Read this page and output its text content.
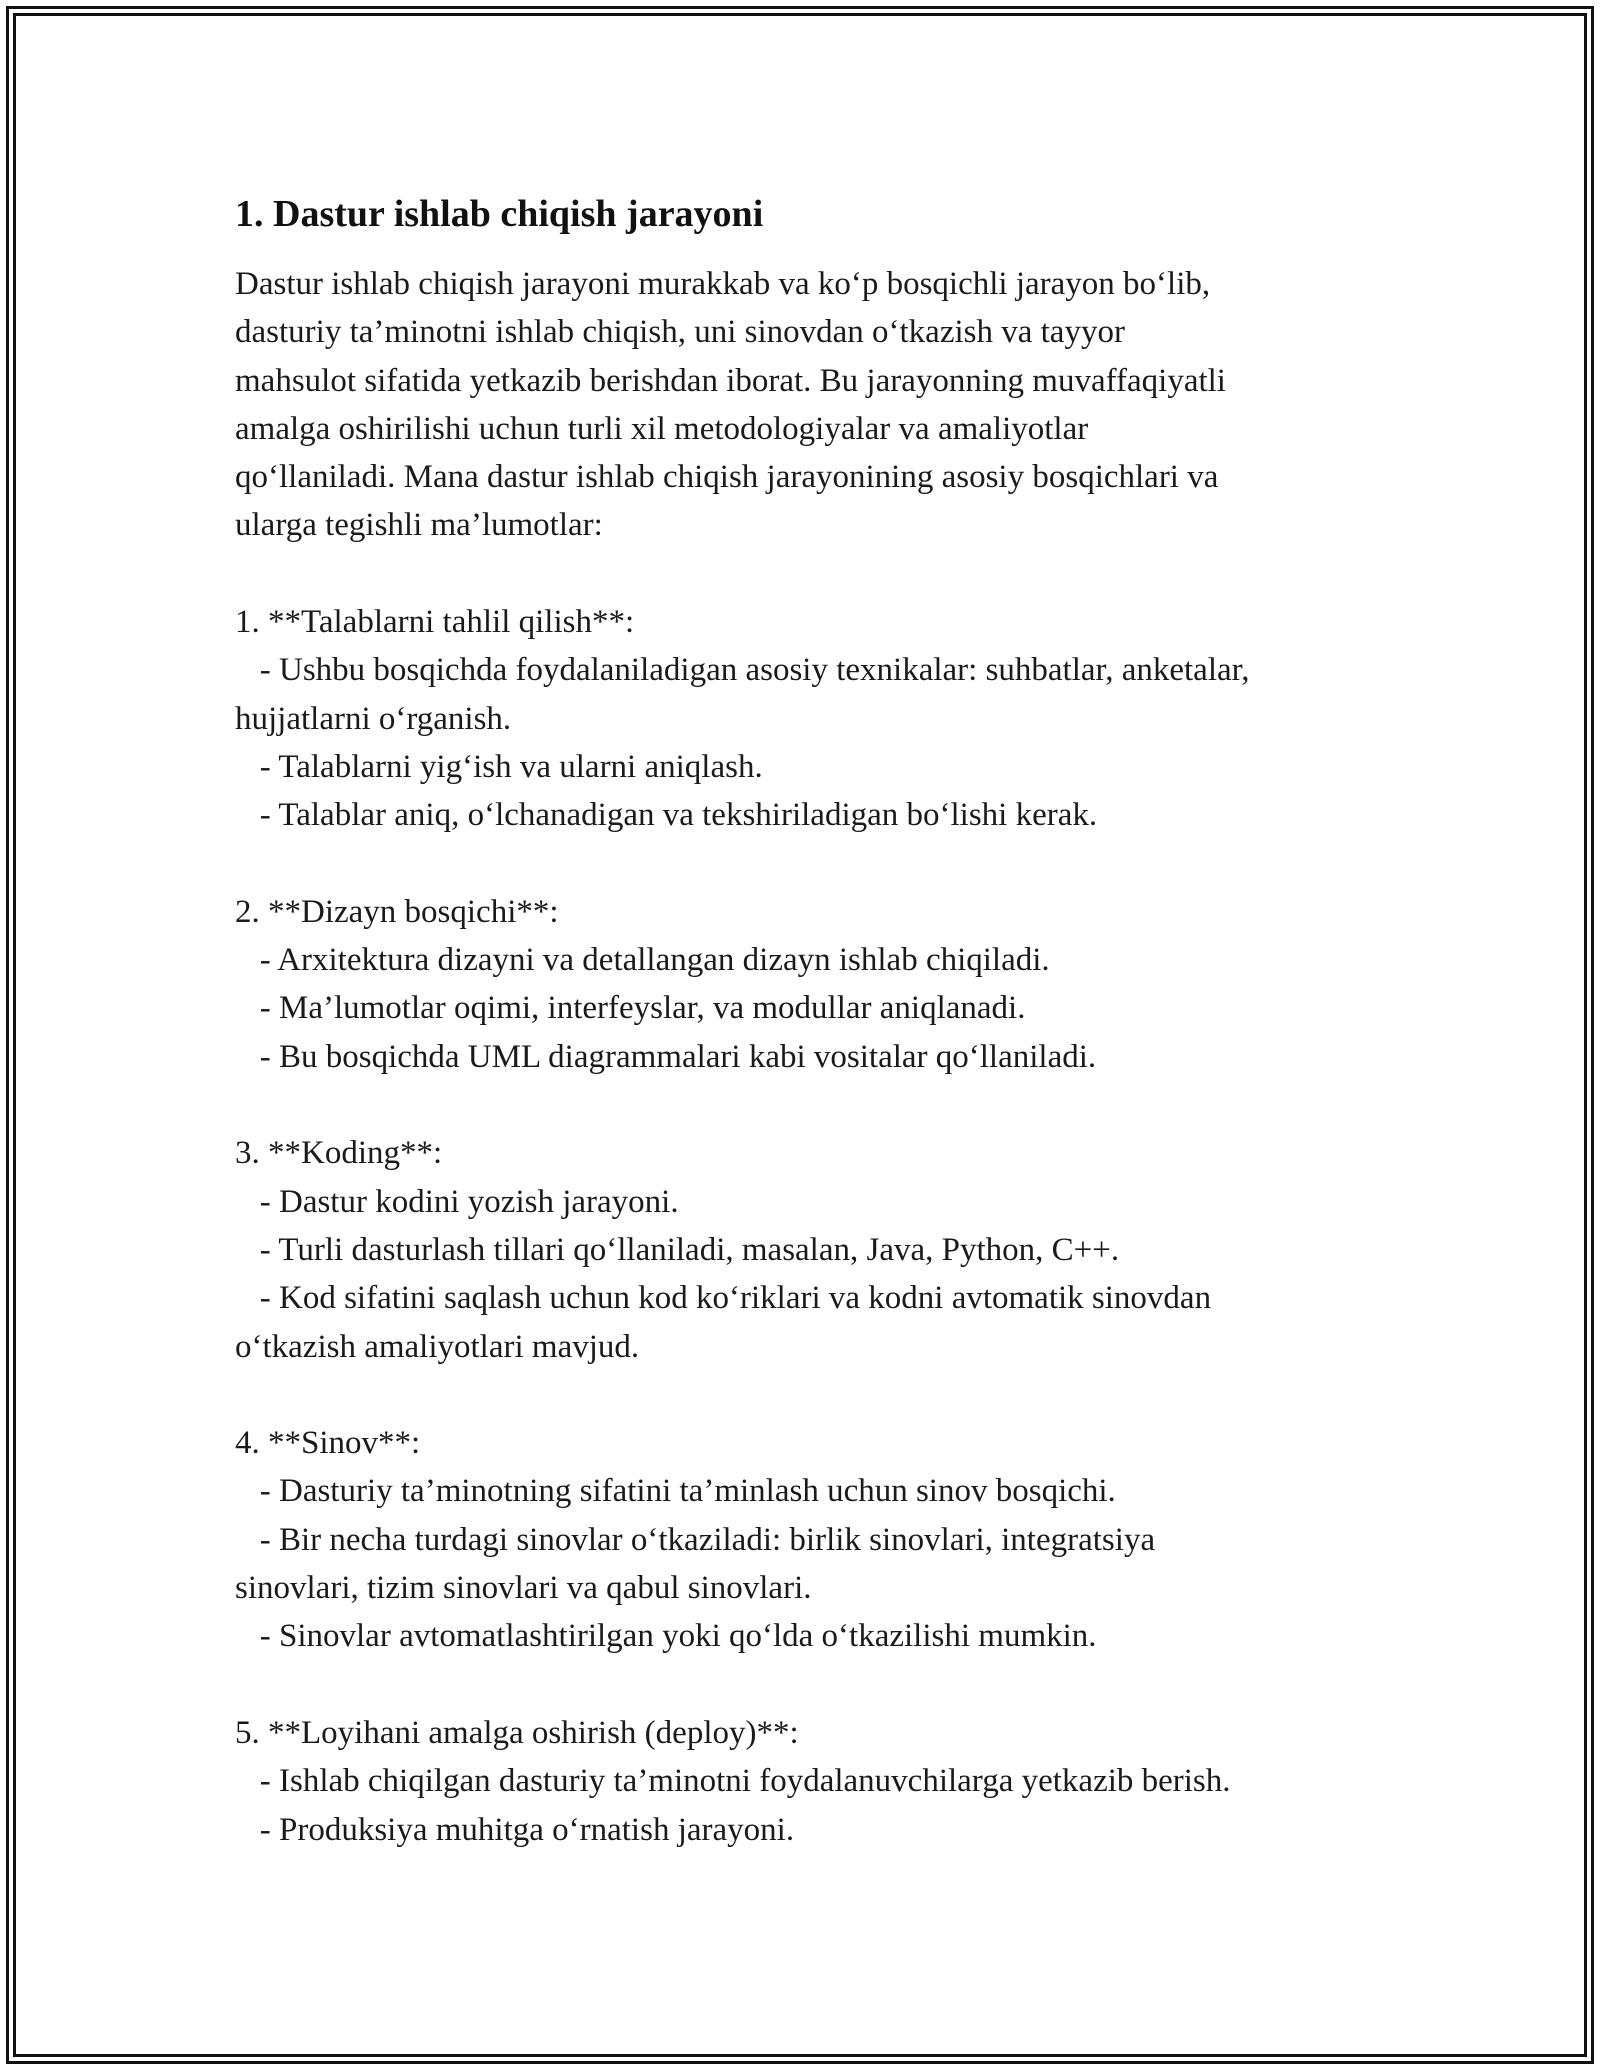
1. Dastur ishlab chiqish jarayoni

Dastur ishlab chiqish jarayoni murakkab va ko‘p bosqichli jarayon bo‘lib,
dasturiy ta’minotni ishlab chiqish, uni sinovdan o‘tkazish va tayyor
mahsulot sifatida yetkazib berishdan iborat. Bu jarayonning muvaffaqiyatli
amalga oshirilishi uchun turli xil metodologiyalar va amaliyotlar
qo‘llaniladi. Mana dastur ishlab chiqish jarayonining asosiy bosqichlari va
ularga tegishli ma’lumotlar:

1. **Talablarni tahlil qilish**:

- Ushbu bosqichda foydalaniladigan asosiy texnikalar: suhbatlar, anketalar,
hujjatlarni o‘rganish.

- Talablarni yig‘ish va ularni aniqlash.

- Talablar aniq, o‘lchanadigan va tekshiriladigan bo‘lishi kerak.

2. **Dizayn bosqichi**:

- Arxitektura dizayni va detallangan dizayn ishlab chiqiladi.

- Ma’lumotlar oqimi, interfeyslar, va modullar aniqlanadi.

- Bu bosqichda UML diagrammalari kabi vositalar qo‘llaniladi.

3. **Koding**:

- Dastur kodini yozish jarayoni.

- Turli dasturlash tillari qo‘llaniladi, masalan, Java, Python, C++.

- Kod sifatini saqlash uchun kod ko‘riklari va kodni avtomatik sinovdan
o‘tkazish amaliyotlari mavjud.

4. **Sinov**:

- Dasturiy ta’minotning sifatini ta’minlash uchun sinov bosqichi.

- Bir necha turdagi sinovlar o‘tkaziladi: birlik sinovlari, integratsiya
sinovlari, tizim sinovlari va qabul sinovlari.

- Sinovlar avtomatlashtirilgan yoki qo‘lda o‘tkazilishi mumkin.

5. **Loyihani amalga oshirish (deploy)**:

- Ishlab chiqilgan dasturiy ta’minotni foydalanuvchilarga yetkazib berish.

- Produksiya muhitga o‘rnatish jarayoni.
